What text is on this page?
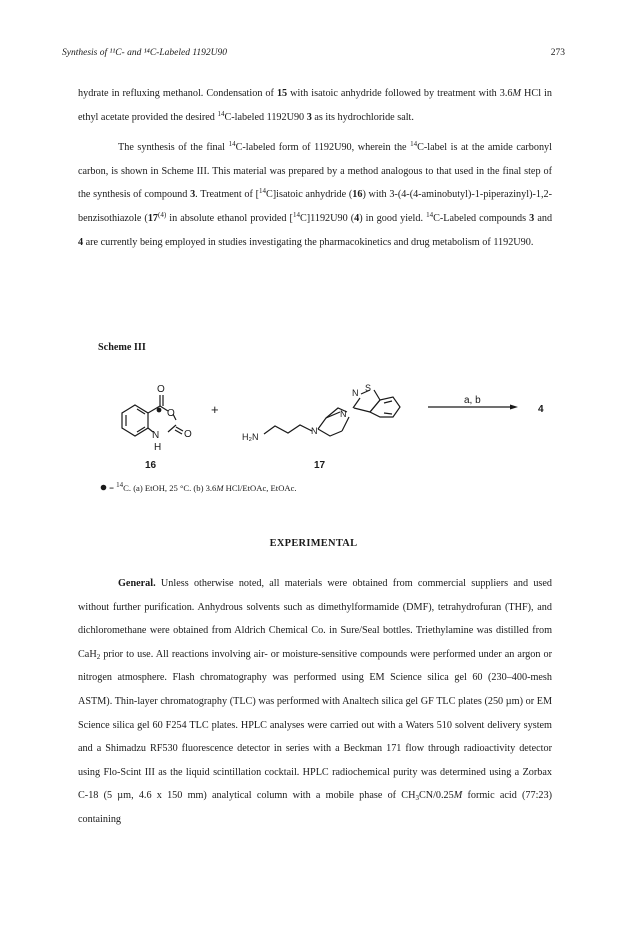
Synthesis of ¹¹C- and ¹⁴C-Labeled 1192U90	273

hydrate in refluxing methanol. Condensation of 15 with isatoic anhydride followed by treatment with 3.6M HCl in ethyl acetate provided the desired $^{14}$C-labeled 1192U90 3 as its hydrochloride salt.

The synthesis of the final $^{14}$C-labeled form of 1192U90, wherein the $^{14}$C-label is at the amide carbonyl carbon, is shown in Scheme III. This material was prepared by a method analogous to that used in the final step of the synthesis of compound 3. Treatment of [$^{14}$C]isatoic anhydride (16) with 3-(4-(4-aminobutyl)-1-piperazinyl)-1,2-benzisothiazole (17$^{(4)}$ in absolute ethanol provided [$^{14}$C]1192U90 (4) in good yield. $^{14}$C-Labeled compounds 3 and 4 are currently being employed in studies investigating the pharmacokinetics and drug metabolism of 1192U90.

Scheme III
O
O
O
N
H
H₂N
N
N
N S
+
a, b
4
16	17
= $^{14}$C. (a) EtOH, 25 °C. (b) 3.6M HCl/EtOAc, EtOAc.
EXPERIMENTAL

General. Unless otherwise noted, all materials were obtained from commercial suppliers and used without further purification. Anhydrous solvents such as dimethylformamide (DMF), tetrahydrofuran (THF), and dichloromethane were obtained from Aldrich Chemical Co. in Sure/Seal bottles. Triethylamine was distilled from CaH$_2$ prior to use. All reactions involving air- or moisture-sensitive compounds were performed under an argon or nitrogen atmosphere. Flash chromatography was performed using EM Science silica gel 60 (230–400-mesh ASTM). Thin-layer chromatography (TLC) was performed with Analtech silica gel GF TLC plates (250 µm) or EM Science silica gel 60 F254 TLC plates. HPLC analyses were carried out with a Waters 510 solvent delivery system and a Shimadzu RF530 fluorescence detector in series with a Beckman 171 flow through radioactivity detector using Flo-Scint III as the liquid scintillation cocktail. HPLC radiochemical purity was determined using a Zorbax C-18 (5 µm, 4.6 x 150 mm) analytical column with a mobile phase of $CH_3CN/0.25M$ formic acid (77:23) containing
